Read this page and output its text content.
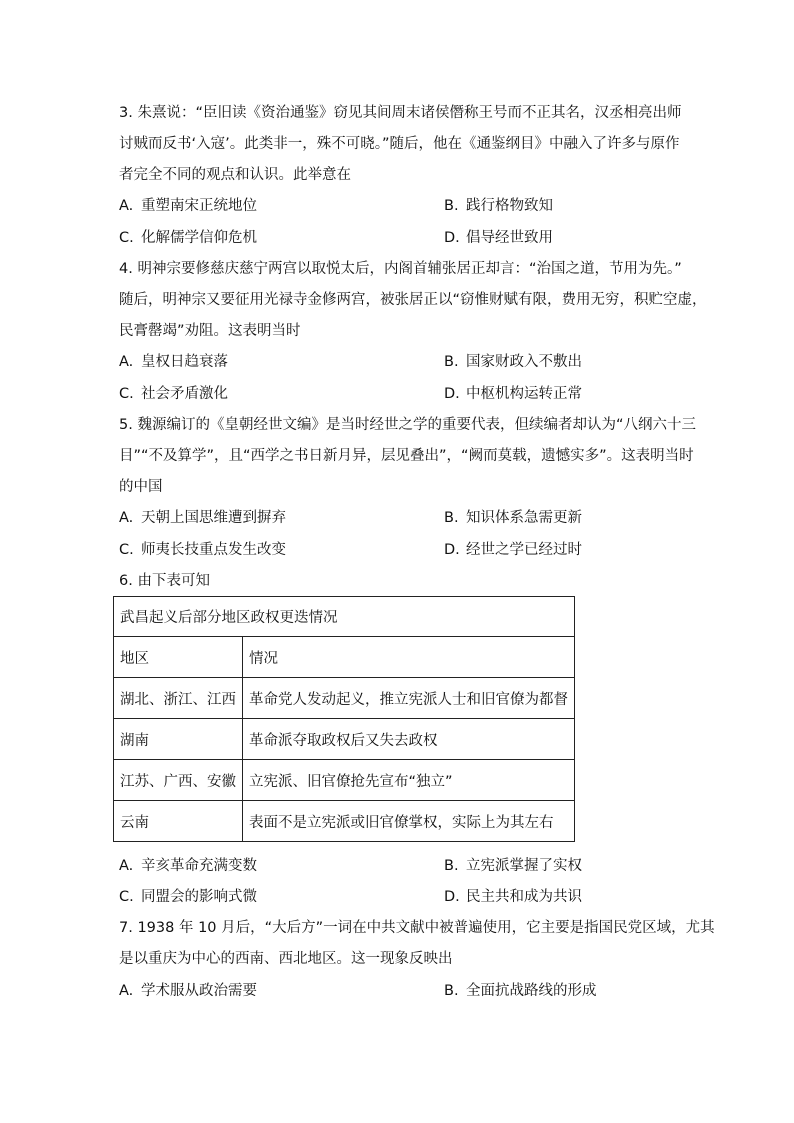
3. 朱熹说：“臣旧读《资治通鉴》窃见其间周末诸侯僭称王号而不正其名，汉丞相亮出师
讨贼而反书‘入寇’。此类非一，殊不可晓。”随后，他在《通鉴纲目》中融入了许多与原作
者完全不同的观点和认识。此举意在
A. 重塑南宋正统地位	B. 践行格物致知
C. 化解儒学信仰危机	D. 倡导经世致用
4. 明神宗要修慈庆慈宁两宫以取悦太后，内阁首辅张居正却言：“治国之道，节用为先。”
随后，明神宗又要征用光禄寺金修两宫，被张居正以“窃惟财赋有限，费用无穷，积贮空虚，
民膏罄竭”劝阻。这表明当时
A. 皇权日趋衰落	B. 国家财政入不敷出
C. 社会矛盾激化	D. 中枢机构运转正常
5. 魏源编订的《皇朝经世文编》是当时经世之学的重要代表，但续编者却认为“八纲六十三
目”“不及算学”，且“西学之书日新月异，层见叠出”，“阙而莫载，遗憾实多”。这表明当时
的中国
A. 天朝上国思维遭到摒弃	B. 知识体系急需更新
C. 师夷长技重点发生改变	D. 经世之学已经过时
6. 由下表可知
武昌起义后部分地区政权更迭情况	
地区	情况
湖北、浙江、江西	革命党人发动起义，推立宪派人士和旧官僚为都督
湖南	革命派夺取政权后又失去政权
江苏、广西、安徽	立宪派、旧官僚抢先宣布“独立”
云南	表面不是立宪派或旧官僚掌权，实际上为其左右
A. 辛亥革命充满变数	B. 立宪派掌握了实权
C. 同盟会的影响式微	D. 民主共和成为共识
7. 1938 年 10 月后，“大后方”一词在中共文献中被普遍使用，它主要是指国民党区域，尤其
是以重庆为中心的西南、西北地区。这一现象反映出
A. 学术服从政治需要	B. 全面抗战路线的形成
